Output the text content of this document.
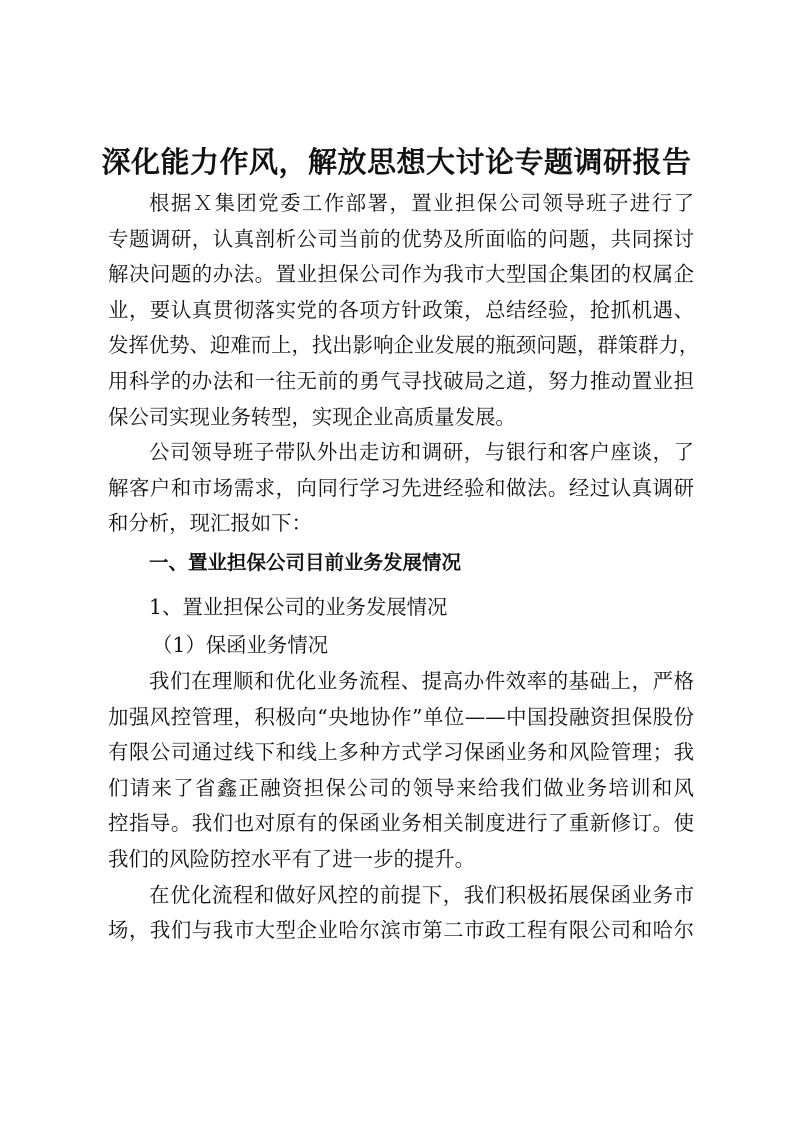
深化能力作风，解放思想大讨论专题调研报告
根据Ｘ集团党委工作部署，置业担保公司领导班子进行了
专题调研，认真剖析公司当前的优势及所面临的问题，共同探讨
解决问题的办法。置业担保公司作为我市大型国企集团的权属企
业，要认真贯彻落实党的各项方针政策，总结经验，抢抓机遇、
发挥优势、迎难而上，找出影响企业发展的瓶颈问题，群策群力，
用科学的办法和一往无前的勇气寻找破局之道，努力推动置业担
保公司实现业务转型，实现企业高质量发展。
公司领导班子带队外出走访和调研，与银行和客户座谈，了
解客户和市场需求，向同行学习先进经验和做法。经过认真调研
和分析，现汇报如下：
一、置业担保公司目前业务发展情况
1、置业担保公司的业务发展情况
（1）保函业务情况
我们在理顺和优化业务流程、提高办件效率的基础上，严格
加强风控管理，积极向“央地协作”单位——中国投融资担保股份
有限公司通过线下和线上多种方式学习保函业务和风险管理；我
们请来了省鑫正融资担保公司的领导来给我们做业务培训和风
控指导。我们也对原有的保函业务相关制度进行了重新修订。使
我们的风险防控水平有了进一步的提升。
在优化流程和做好风控的前提下，我们积极拓展保函业务市
场，我们与我市大型企业哈尔滨市第二市政工程有限公司和哈尔
